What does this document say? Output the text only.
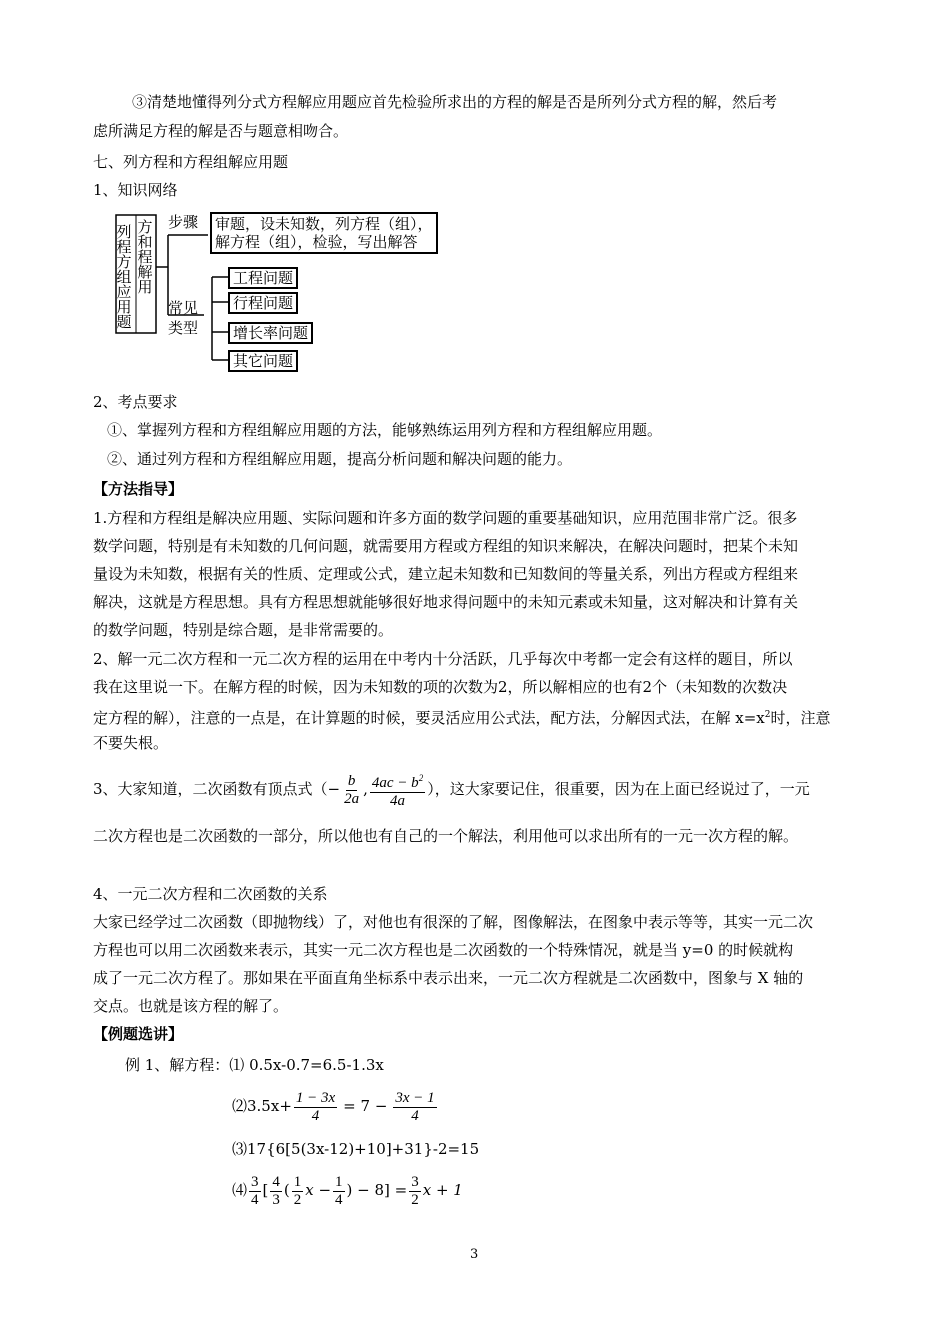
③清楚地懂得列分式方程解应用题应首先检验所求出的方程的解是否是所列分式方程的解，然后考
虑所满足方程的解是否与题意相吻合。
七、列方程和方程组解应用题
1、知识网络
列程方组应用题
方和程解用
步骤 审题，设未知数，列方程（组），
解方程（组），检验，写出解答
常见
类型
工程问题
行程问题
增长率问题
其它问题
2、考点要求
①、掌握列方程和方程组解应用题的方法，能够熟练运用列方程和方程组解应用题。
②、通过列方程和方程组解应用题，提高分析问题和解决问题的能力。
【方法指导】
1.方程和方程组是解决应用题、实际问题和许多方面的数学问题的重要基础知识，应用范围非常广泛。很多
数学问题，特别是有未知数的几何问题，就需要用方程或方程组的知识来解决，在解决问题时，把某个未知
量设为未知数，根据有关的性质、定理或公式，建立起未知数和已知数间的等量关系，列出方程或方程组来
解决，这就是方程思想。具有方程思想就能够很好地求得问题中的未知元素或未知量，这对解决和计算有关
的数学问题，特别是综合题，是非常需要的。
2、解一元二次方程和一元二次方程的运用在中考内十分活跃，几乎每次中考都一定会有这样的题目，所以
我在这里说一下。在解方程的时候，因为未知数的项的次数为2，所以解相应的也有2个（未知数的次数决
定方程的解），注意的一点是，在计算题的时候，要灵活应用公式法，配方法，分解因式法，在解 $x=x^2$时，注意
不要失根。
3、大家知道，二次函数有顶点式（− $\frac{b}{2a}$ , $\frac{4ac - b^2}{4a}$ ），这大家要记住，很重要，因为在上面已经说过了，一元
二次方程也是二次函数的一部分，所以他也有自己的一个解法，利用他可以求出所有的一元一次方程的解。
4、一元二次方程和二次函数的关系
大家已经学过二次函数（即抛物线）了，对他也有很深的了解，图像解法，在图象中表示等等，其实一元二次
方程也可以用二次函数来表示，其实一元二次方程也是二次函数的一个特殊情况，就是当 y=0 的时候就构
成了一元二次方程了。那如果在平面直角坐标系中表示出来，一元二次方程就是二次函数中，图象与 X 轴的
交点。也就是该方程的解了。
【例题选讲】
例 1、解方程：⑴ 0.5x-0.7=6.5-1.3x
⑵3.5x+ $\frac{1 - 3x}{4} = 7 - \frac{3x - 1}{4}$
⑶17{6[5(3x-12)+10]+31}-2=15
⑷ $\frac{3}{4}$ [ $\frac{4}{3}$ ( $\frac{1}{2}$ $x - \frac{1}{4}$ ) − $8] = \frac{3}{2}$ x + 1
3
